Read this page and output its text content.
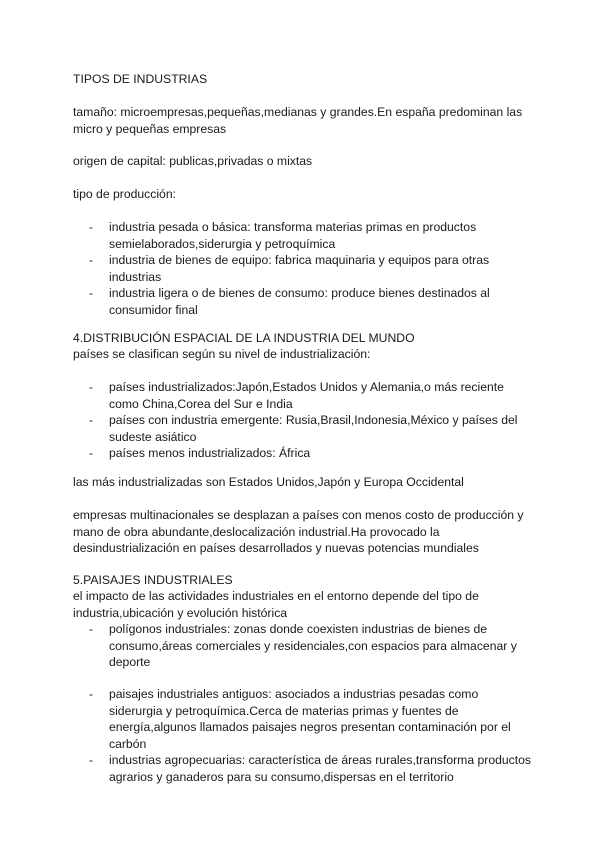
TIPOS DE INDUSTRIAS
tamaño: microempresas,pequeñas,medianas y grandes.En españa predominan las micro y pequeñas empresas
origen de capital: publicas,privadas o mixtas
tipo de producción:
- industria pesada o básica: transforma materias primas en productos semielaborados,siderurgia y petroquímica
- industria de bienes de equipo: fabrica maquinaria y equipos para otras industrias
- industria ligera o de bienes de consumo: produce bienes destinados al consumidor final
4.DISTRIBUCIÓN ESPACIAL DE LA INDUSTRIA DEL MUNDO
países se clasifican según su nivel de industrialización:
- países industrializados:Japón,Estados Unidos y Alemania,o más reciente como China,Corea del Sur e India
- países con industria emergente: Rusia,Brasil,Indonesia,México y países del sudeste asiático
- países menos industrializados: África
las más industrializadas son Estados Unidos,Japón y Europa Occidental
empresas multinacionales se desplazan a países con menos costo de producción y mano de obra abundante,deslocalización industrial.Ha provocado la desindustrialización en países desarrollados y nuevas potencias mundiales
5.PAISAJES INDUSTRIALES
el impacto de las actividades industriales en el entorno depende del tipo de industria,ubicación y evolución histórica
- polígonos industriales: zonas donde coexisten industrias de bienes de consumo,áreas comerciales y residenciales,con espacios para almacenar y deporte
- paisajes industriales antiguos: asociados a industrias pesadas como siderurgia y petroquímica.Cerca de materias primas y fuentes de energía,algunos llamados paisajes negros presentan contaminación por el carbón
- industrias agropecuarias: característica de áreas rurales,transforma productos agrarios y ganaderos para su consumo,dispersas en el territorio
